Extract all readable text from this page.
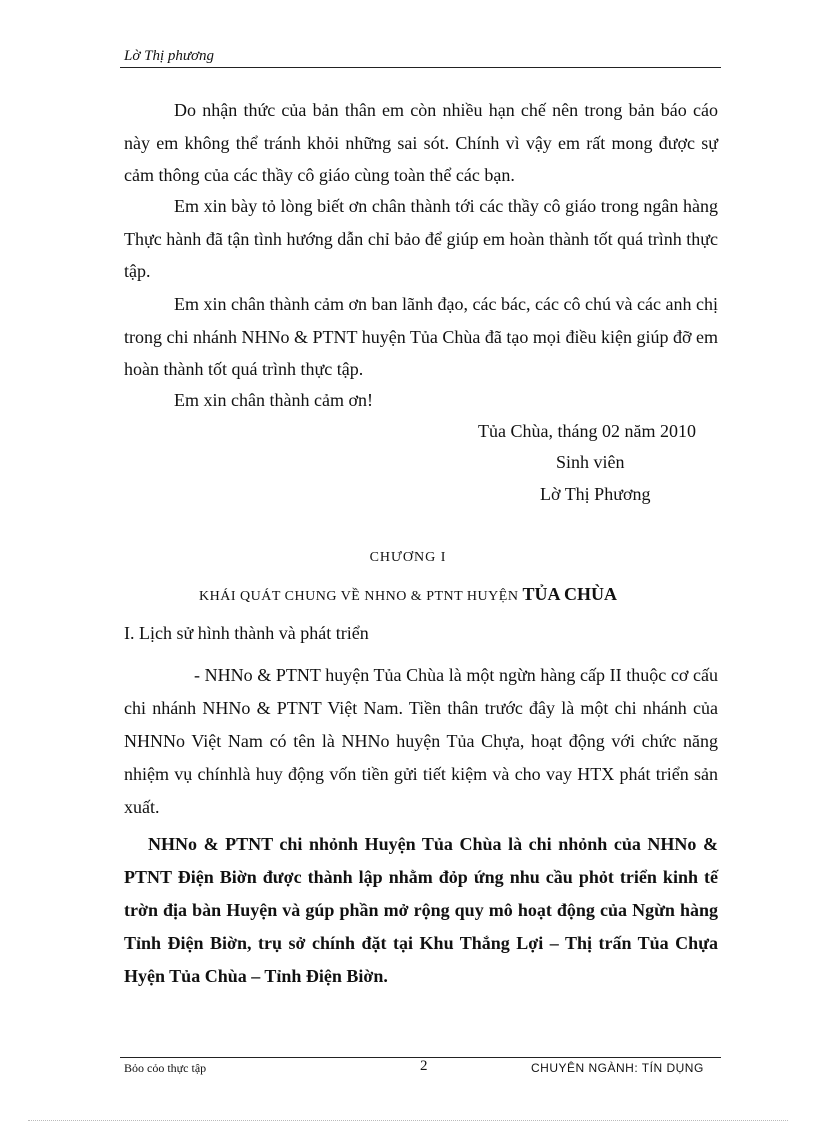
Lờ Thị phương

Do nhận thức của bản thân em còn nhiều hạn chế nên trong bản báo cáo này em không thể tránh khỏi những sai sót. Chính vì vậy em rất mong được sự cảm thông của các thầy cô giáo cùng toàn thể các bạn.

Em xin bày tỏ lòng biết ơn chân thành tới các thầy cô giáo trong ngân hàng Thực hành đã tận tình hướng dẫn chỉ bảo để giúp em hoàn thành tốt quá trình thực tập.

Em xin chân thành cảm ơn ban lãnh đạo, các bác, các cô chú và các anh chị trong chi nhánh NHNo & PTNT huyện Tủa Chùa đã tạo mọi điều kiện giúp đỡ em hoàn thành tốt quá trình thực tập.

Em xin chân thành cảm ơn!

Tủa Chùa, tháng 02 năm 2010
Sinh viên
Lờ Thị Phương
CHƯƠNG I
KHÁI QUÁT CHUNG VỀ NHNO & PTNT HUYỆN TỦA CHÙA
I. Lịch sử hình thành và phát triển

- NHNo & PTNT huyện Tủa Chùa là một ngừn hàng cấp II thuộc cơ cấu chi nhánh NHNo & PTNT Việt Nam. Tiền thân trước đây là một chi nhánh của NHNNo Việt Nam có tên là NHNo huyện Tủa Chựa, hoạt động với chức năng nhiệm vụ chínhlà huy động vốn tiền gửi tiết kiệm và cho vay HTX phát triển sản xuất.

NHNo & PTNT chi nhỏnh Huyện Tủa Chùa là chi nhỏnh của NHNo & PTNT Điện Biờn được thành lập nhằm đỏp ứng nhu cầu phỏt triển kinh tế trờn địa bàn Huyện và gúp phần mở rộng quy mô hoạt động của Ngừn hàng Tỉnh Điện Biờn, trụ sở chính đặt tại Khu Thắng Lợi – Thị trấn Tủa Chựa Hyện Tủa Chùa – Tỉnh Điện Biờn.

Bỏo cỏo thực tập	2	CHUYÊN NGÀNH: TÍN DỤNG
